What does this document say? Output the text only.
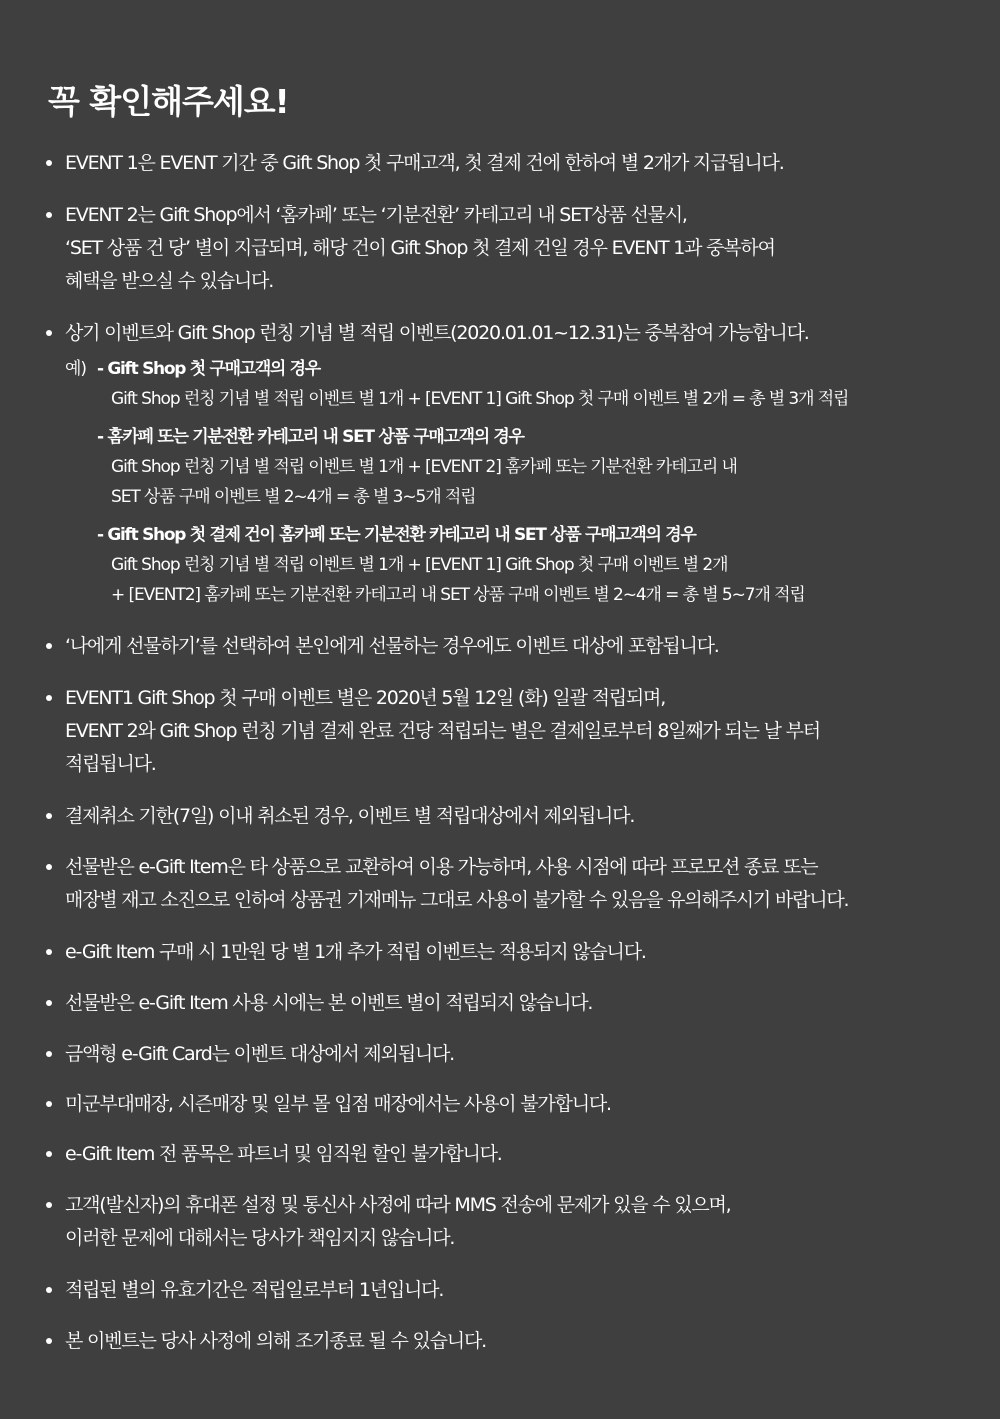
꼭 확인해주세요!
EVENT 1은 EVENT 기간 중 Gift Shop 첫 구매고객, 첫 결제 건에 한하여 별 2개가 지급됩니다.
EVENT 2는 Gift Shop에서 ‘홈카페’ 또는 ‘기분전환’ 카테고리 내 SET상품 선물시,
‘SET 상품 건 당’ 별이 지급되며, 해당 건이 Gift Shop 첫 결제 건일 경우 EVENT 1과 중복하여
혜택을 받으실 수 있습니다.
상기 이벤트와 Gift Shop 런칭 기념 별 적립 이벤트(2020.01.01~12.31)는 중복참여 가능합니다.
예) - Gift Shop 첫 구매고객의 경우
Gift Shop 런칭 기념 별 적립 이벤트 별 1개 + [EVENT 1] Gift Shop 첫 구매 이벤트 별 2개 = 총 별 3개 적립
- 홈카페 또는 기분전환 카테고리 내 SET 상품 구매고객의 경우
Gift Shop 런칭 기념 별 적립 이벤트 별 1개 + [EVENT 2] 홈카페 또는 기분전환 카테고리 내
SET 상품 구매 이벤트 별 2~4개 = 총 별 3~5개 적립
- Gift Shop 첫 결제 건이 홈카페 또는 기분전환 카테고리 내 SET 상품 구매고객의 경우
Gift Shop 런칭 기념 별 적립 이벤트 별 1개 + [EVENT 1] Gift Shop 첫 구매 이벤트 별 2개
+ [EVENT2] 홈카페 또는 기분전환 카테고리 내 SET 상품 구매 이벤트 별 2~4개 = 총 별 5~7개 적립
‘나에게 선물하기’를 선택하여 본인에게 선물하는 경우에도 이벤트 대상에 포함됩니다.
EVENT1 Gift Shop 첫 구매 이벤트 별은 2020년 5월 12일 (화) 일괄 적립되며,
EVENT 2와 Gift Shop 런칭 기념 결제 완료 건당 적립되는 별은 결제일로부터 8일째가 되는 날 부터
적립됩니다.
결제취소 기한(7일) 이내 취소된 경우, 이벤트 별 적립대상에서 제외됩니다.
선물받은 e-Gift Item은 타 상품으로 교환하여 이용 가능하며, 사용 시점에 따라 프로모션 종료 또는
매장별 재고 소진으로 인하여 상품권 기재메뉴 그대로 사용이 불가할 수 있음을 유의해주시기 바랍니다.
e-Gift Item 구매 시 1만원 당 별 1개 추가 적립 이벤트는 적용되지 않습니다.
선물받은 e-Gift Item 사용 시에는 본 이벤트 별이 적립되지 않습니다.
금액형 e-Gift Card는 이벤트 대상에서 제외됩니다.
미군부대매장, 시즌매장 및 일부 몰 입점 매장에서는 사용이 불가합니다.
e-Gift Item 전 품목은 파트너 및 임직원 할인 불가합니다.
고객(발신자)의 휴대폰 설정 및 통신사 사정에 따라 MMS 전송에 문제가 있을 수 있으며,
이러한 문제에 대해서는 당사가 책임지지 않습니다.
적립된 별의 유효기간은 적립일로부터 1년입니다.
본 이벤트는 당사 사정에 의해 조기종료 될 수 있습니다.
